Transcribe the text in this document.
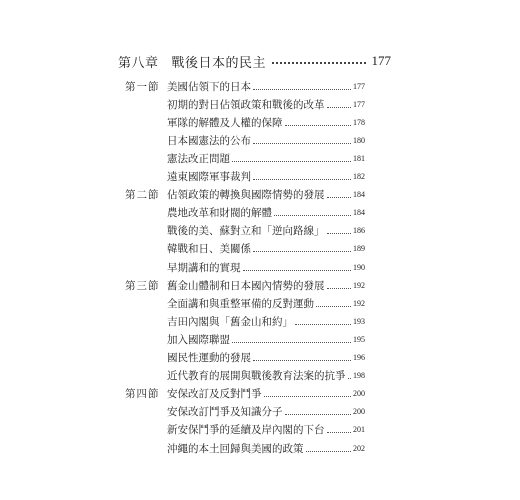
第八章 戰後日本的民主	177
第一節 美國佔領下的日本	177
初期的對日佔領政策和戰後的改革	177
軍隊的解體及人權的保障	178
日本國憲法的公布	180
憲法改正問題	181
遠東國際軍事裁判	182
第二節 佔領政策的轉換與國際情勢的發展	184
農地改革和財閥的解體	184
戰後的美、蘇對立和「逆向路線」	186
韓戰和日、美關係	189
早期講和的實現	190
第三節 舊金山體制和日本國內情勢的發展	192
全面講和與重整軍備的反對運動	192
吉田內閣與「舊金山和約」	193
加入國際聯盟	195
國民性運動的發展	196
近代教育的展開與戰後教育法案的抗爭 198
第四節 安保改訂及反對鬥爭	200
安保改訂鬥爭及知識分子	200
新安保鬥爭的延續及岸內閣的下台	201
沖繩的本土回歸與美國的政策	202
